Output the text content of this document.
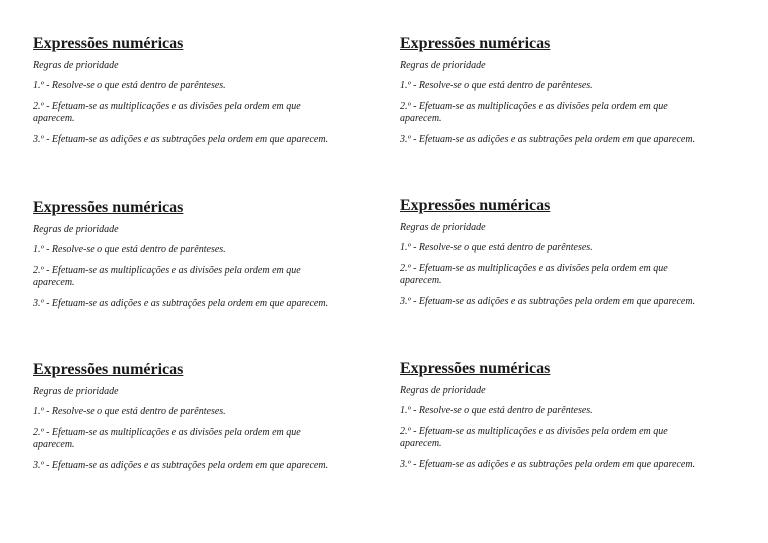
Expressões numéricas
Regras de prioridade
1.º - Resolve-se o que está dentro de parênteses.
2.º - Efetuam-se as multiplicações e as divisões pela ordem em que aparecem.
3.º - Efetuam-se as adições e as subtrações pela ordem em que aparecem.
Expressões numéricas
Regras de prioridade
1.º - Resolve-se o que está dentro de parênteses.
2.º - Efetuam-se as multiplicações e as divisões pela ordem em que aparecem.
3.º - Efetuam-se as adições e as subtrações pela ordem em que aparecem.
Expressões numéricas
Regras de prioridade
1.º - Resolve-se o que está dentro de parênteses.
2.º - Efetuam-se as multiplicações e as divisões pela ordem em que aparecem.
3.º - Efetuam-se as adições e as subtrações pela ordem em que aparecem.
Expressões numéricas
Regras de prioridade
1.º - Resolve-se o que está dentro de parênteses.
2.º - Efetuam-se as multiplicações e as divisões pela ordem em que aparecem.
3.º - Efetuam-se as adições e as subtrações pela ordem em que aparecem.
Expressões numéricas
Regras de prioridade
1.º - Resolve-se o que está dentro de parênteses.
2.º - Efetuam-se as multiplicações e as divisões pela ordem em que aparecem.
3.º - Efetuam-se as adições e as subtrações pela ordem em que aparecem.
Expressões numéricas
Regras de prioridade
1.º - Resolve-se o que está dentro de parênteses.
2.º - Efetuam-se as multiplicações e as divisões pela ordem em que aparecem.
3.º - Efetuam-se as adições e as subtrações pela ordem em que aparecem.
